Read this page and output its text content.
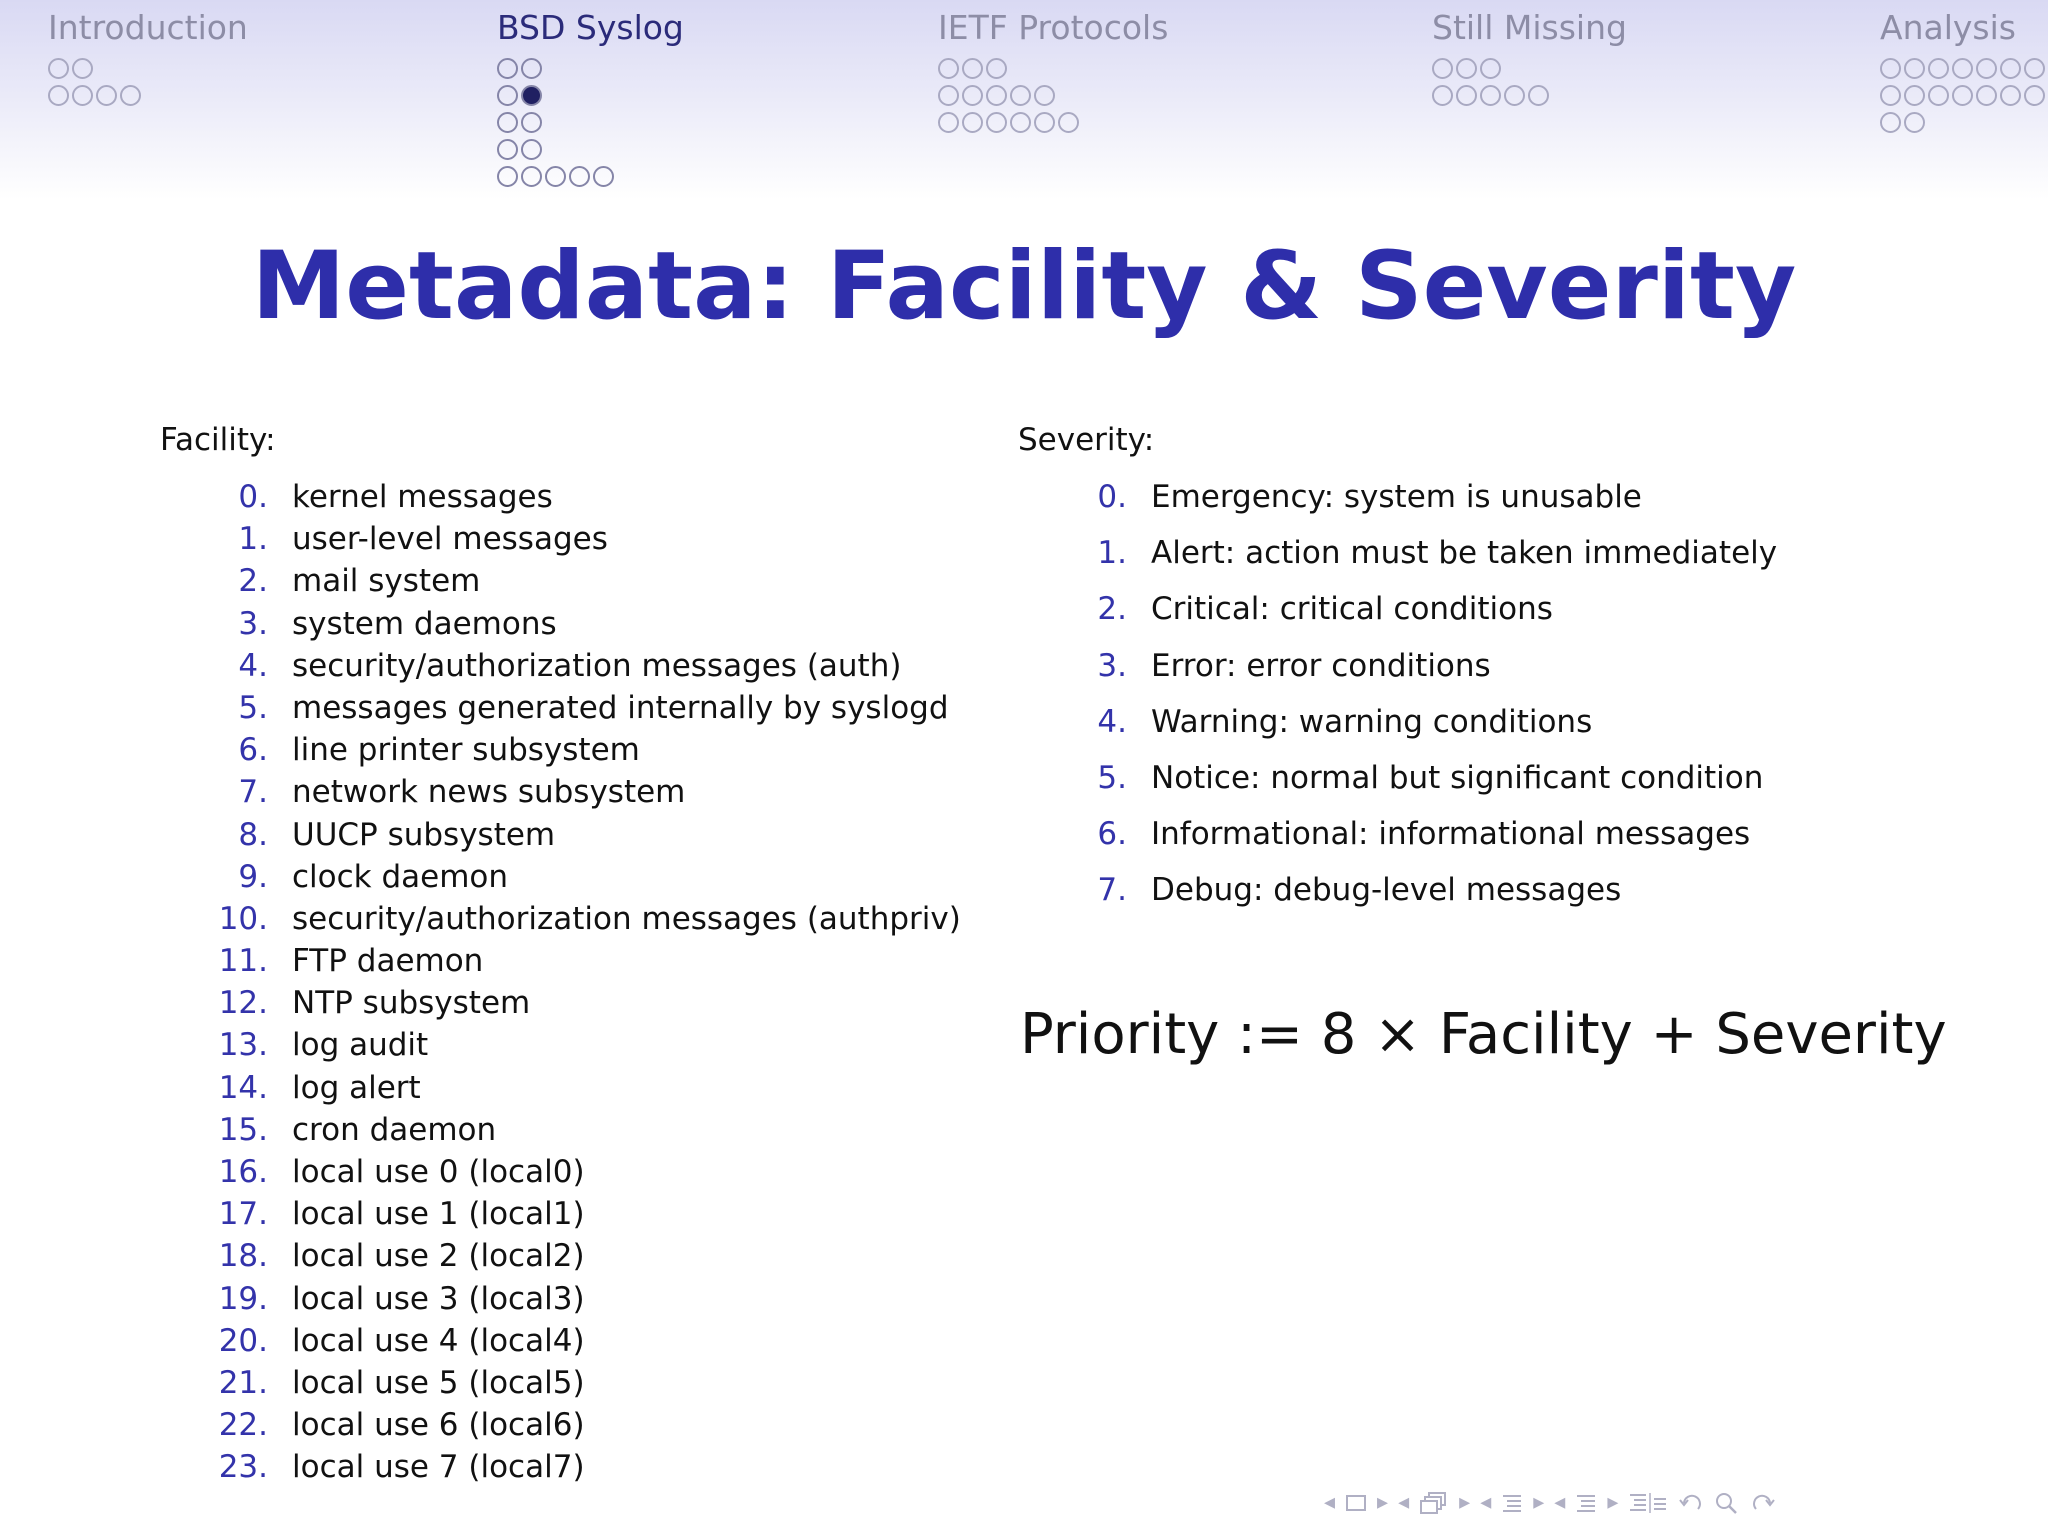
Introduction	BSD Syslog	IETF Protocols	Still Missing	Analysis
Metadata: Facility & Severity
Facility:
0. kernel messages
1. user-level messages
2. mail system
3. system daemons
4. security/authorization messages (auth)
5. messages generated internally by syslogd
6. line printer subsystem
7. network news subsystem
8. UUCP subsystem
9. clock daemon
10. security/authorization messages (authpriv)
11. FTP daemon
12. NTP subsystem
13. log audit
14. log alert
15. cron daemon
16. local use 0 (local0)
17. local use 1 (local1)
18. local use 2 (local2)
19. local use 3 (local3)
20. local use 4 (local4)
21. local use 5 (local5)
22. local use 6 (local6)
23. local use 7 (local7)
Severity:
0. Emergency: system is unusable
1. Alert: action must be taken immediately
2. Critical: critical conditions
3. Error: error conditions
4. Warning: warning conditions
5. Notice: normal but significant condition
6. Informational: informational messages
7. Debug: debug-level messages
Priority := 8 × Facility + Severity
◂ ▸ ◂ ▸ ◂ ▸ ◂ ▸
